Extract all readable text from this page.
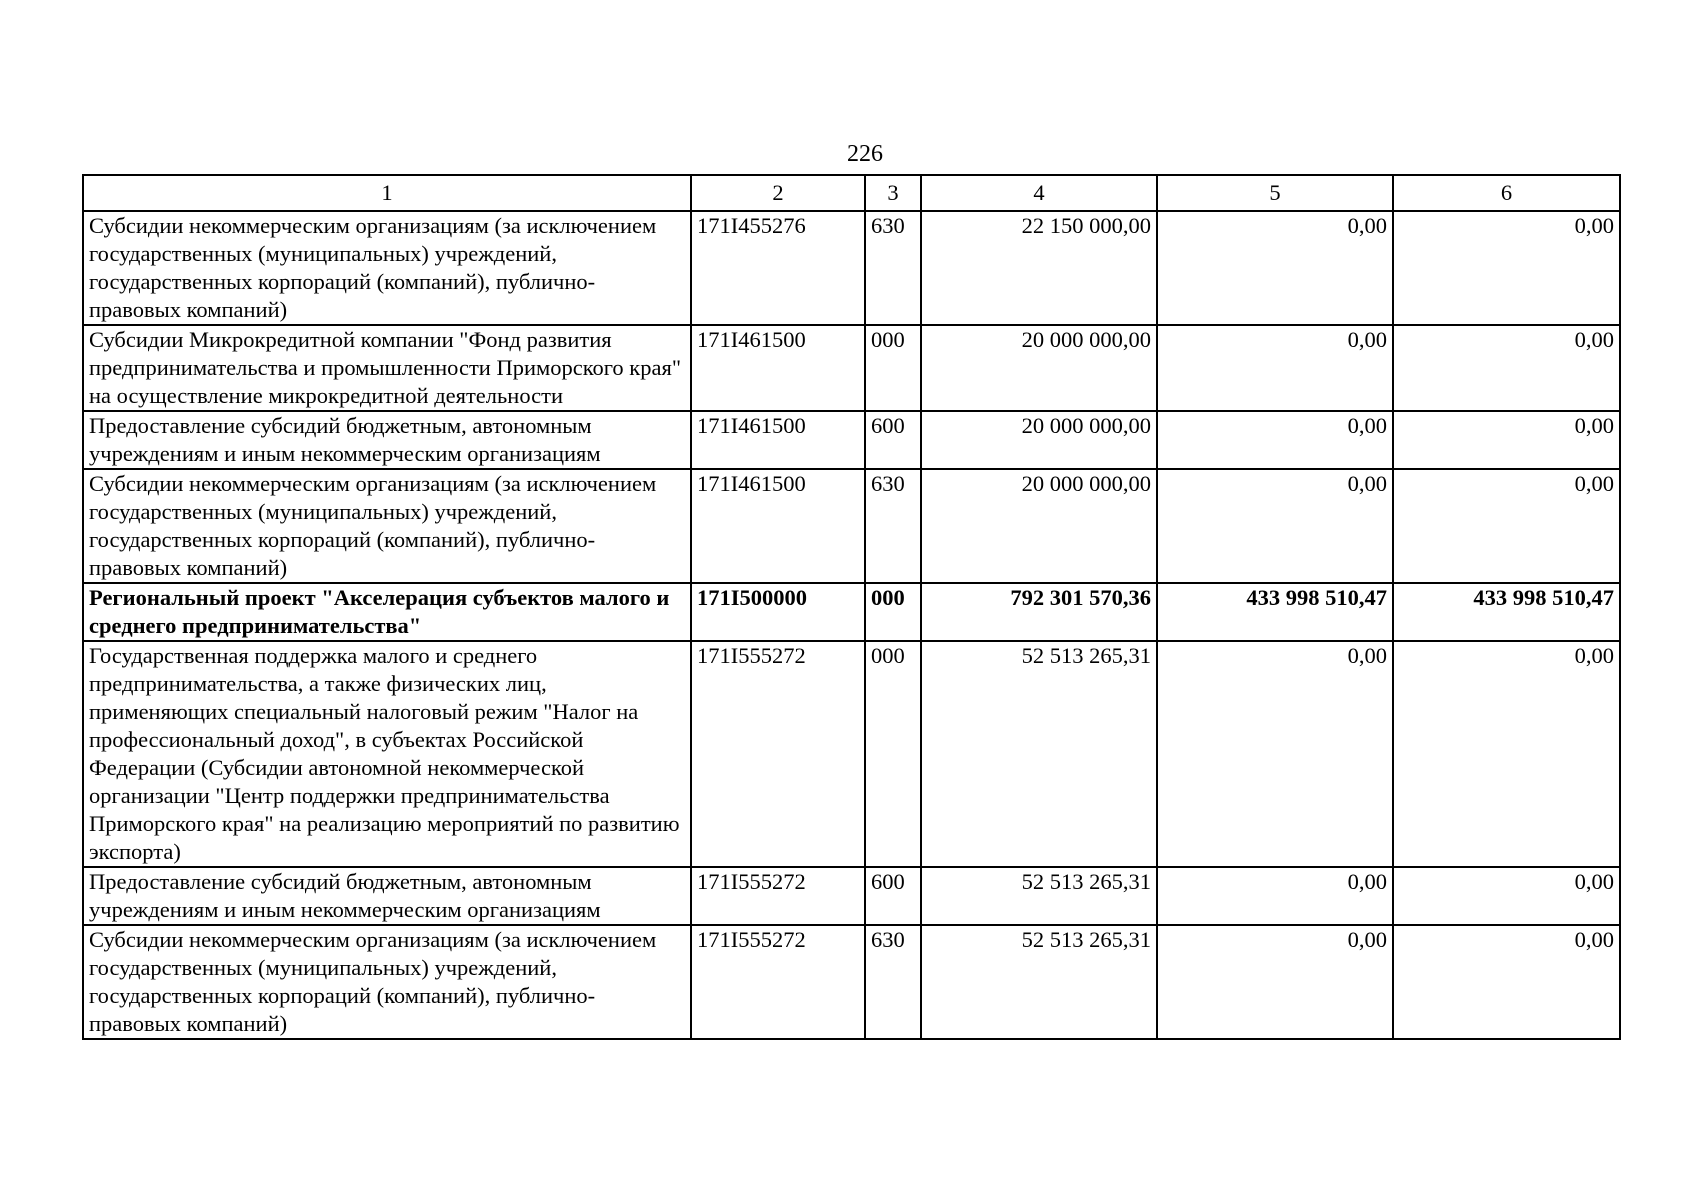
226
1	2	3	4	5	6
Субсидии некоммерческим организациям (за исключением государственных (муниципальных) учреждений, государственных корпораций (компаний), публично-правовых компаний)	171I455276	630	22 150 000,00	0,00	0,00
Субсидии Микрокредитной компании "Фонд развития предпринимательства и промышленности Приморского края" на осуществление микрокредитной деятельности	171I461500	000	20 000 000,00	0,00	0,00
Предоставление субсидий бюджетным, автономным учреждениям и иным некоммерческим организациям	171I461500	600	20 000 000,00	0,00	0,00
Субсидии некоммерческим организациям (за исключением государственных (муниципальных) учреждений, государственных корпораций (компаний), публично-правовых компаний)	171I461500	630	20 000 000,00	0,00	0,00
Региональный проект "Акселерация субъектов малого и среднего предпринимательства"	171I500000	000	792 301 570,36	433 998 510,47	433 998 510,47
Государственная поддержка малого и среднего предпринимательства, а также физических лиц, применяющих специальный налоговый режим "Налог на профессиональный доход", в субъектах Российской Федерации (Субсидии автономной некоммерческой организации "Центр поддержки предпринимательства Приморского края" на реализацию мероприятий по развитию экспорта)	171I555272	000	52 513 265,31	0,00	0,00
Предоставление субсидий бюджетным, автономным учреждениям и иным некоммерческим организациям	171I555272	600	52 513 265,31	0,00	0,00
Субсидии некоммерческим организациям (за исключением государственных (муниципальных) учреждений, государственных корпораций (компаний), публично-правовых компаний)	171I555272	630	52 513 265,31	0,00	0,00
